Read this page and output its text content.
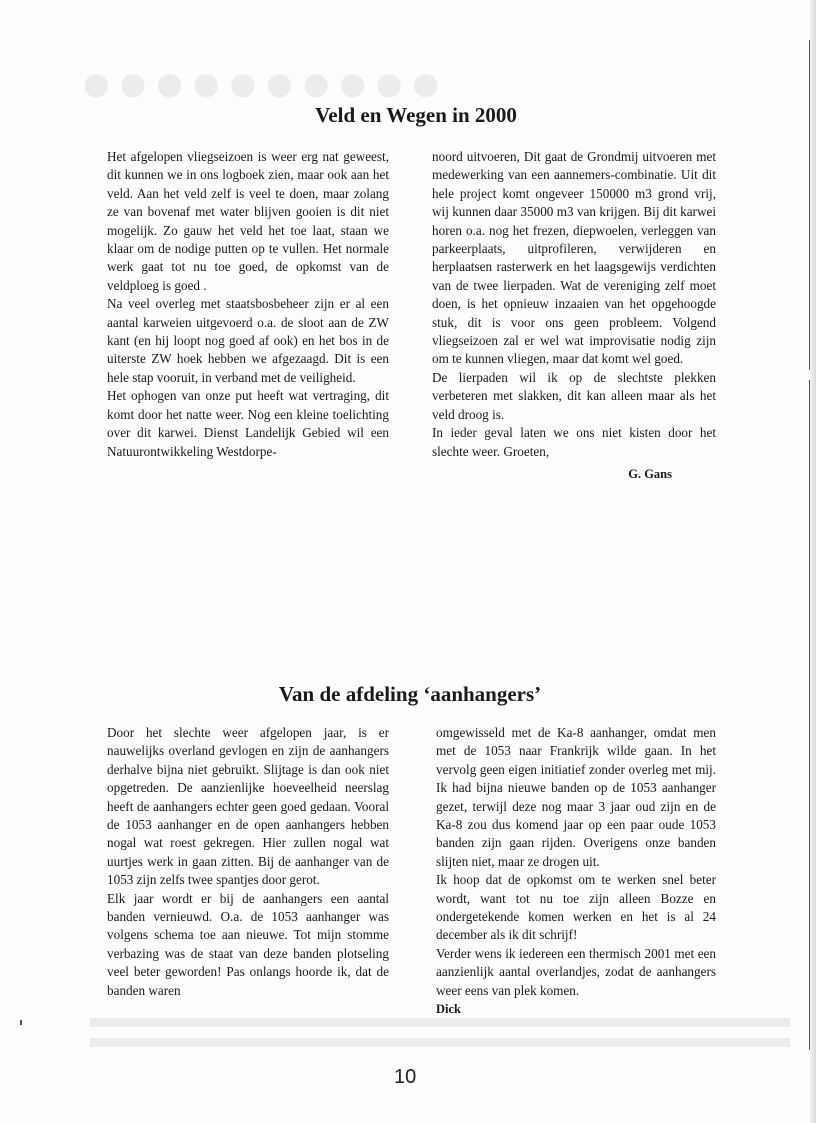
●●●●●●●●●●
Veld en Wegen in 2000

Het afgelopen vliegseizoen is weer erg nat geweest, dit kunnen we in ons logboek zien, maar ook aan het veld. Aan het veld zelf is veel te doen, maar zolang ze van bovenaf met water blijven gooien is dit niet mogelijk. Zo gauw het veld het toe laat, staan we klaar om de nodige putten op te vullen. Het normale werk gaat tot nu toe goed, de opkomst van de veldploeg is goed .

Na veel overleg met staatsbosbeheer zijn er al een aantal karweien uitgevoerd o.a. de sloot aan de ZW kant (en hij loopt nog goed af ook) en het bos in de uiterste ZW hoek hebben we afgezaagd. Dit is een hele stap vooruit, in verband met de veiligheid.

Het ophogen van onze put heeft wat vertraging, dit komt door het natte weer. Nog een kleine toelichting over dit karwei. Dienst Landelijk Gebied wil een Natuurontwikkeling Westdorpe-

noord uitvoeren, Dit gaat de Grondmij uitvoeren met medewerking van een aannemers-combinatie. Uit dit hele project komt ongeveer 150000 m3 grond vrij, wij kunnen daar 35000 m3 van krijgen. Bij dit karwei horen o.a. nog het frezen, diepwoelen, verleggen van parkeerplaats, uitprofileren, verwijderen en herplaatsen rasterwerk en het laagsgewijs verdichten van de twee lierpaden. Wat de vereniging zelf moet doen, is het opnieuw inzaaien van het opgehoogde stuk, dit is voor ons geen probleem. Volgend vliegseizoen zal er wel wat improvisatie nodig zijn om te kunnen vliegen, maar dat komt wel goed.

De lierpaden wil ik op de slechtste plekken verbeteren met slakken, dit kan alleen maar als het veld droog is.

In ieder geval laten we ons niet kisten door het slechte weer. Groeten,

G. Gans

Van de afdeling ‘aanhangers’

Door het slechte weer afgelopen jaar, is er nauwelijks overland gevlogen en zijn de aanhangers derhalve bijna niet gebruikt. Slijtage is dan ook niet opgetreden. De aanzienlijke hoeveelheid neerslag heeft de aanhangers echter geen goed gedaan. Vooral de 1053 aanhanger en de open aanhangers hebben nogal wat roest gekregen. Hier zullen nogal wat uurtjes werk in gaan zitten. Bij de aanhanger van de 1053 zijn zelfs twee spantjes door gerot.

Elk jaar wordt er bij de aanhangers een aantal banden vernieuwd. O.a. de 1053 aanhanger was volgens schema toe aan nieuwe. Tot mijn stomme verbazing was de staat van deze banden plotseling veel beter geworden! Pas onlangs hoorde ik, dat de banden waren

omgewisseld met de Ka-8 aanhanger, omdat men met de 1053 naar Frankrijk wilde gaan. In het vervolg geen eigen initiatief zonder overleg met mij. Ik had bijna nieuwe banden op de 1053 aanhanger gezet, terwijl deze nog maar 3 jaar oud zijn en de Ka-8 zou dus komend jaar op een paar oude 1053 banden zijn gaan rijden. Overigens onze banden slijten niet, maar ze drogen uit.

Ik hoop dat de opkomst om te werken snel beter wordt, want tot nu toe zijn alleen Bozze en ondergetekende komen werken en het is al 24 december als ik dit schrijf!

Verder wens ik iedereen een thermisch 2001 met een aanzienlijk aantal overlandjes, zodat de aanhangers weer eens van plek komen.

Dick

10
